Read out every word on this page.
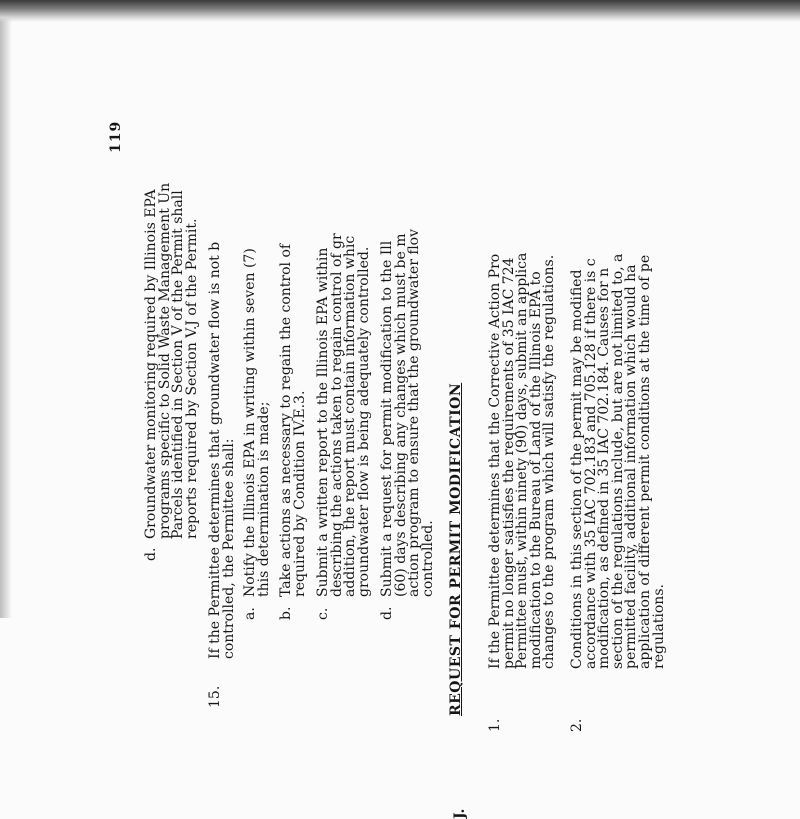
119
d.

Groundwater monitoring required by Illinois EPA

programs specific to Solid Waste Management Un

Parcels identified in Section V of the Permit shall

reports required by Section V.J of the Permit.

15.

If the Permittee determines that groundwater flow is not b

controlled, the Permittee shall: a.

Notify the Illinois EPA in writing within seven (7)

this determination is made;

b.

Take actions as necessary to regain the control of

required by Condition IV.E.3.

c.

Submit a written report to the Illinois EPA within

describing the actions taken to regain control of gr

addition, the report must contain information whic

groundwater flow is being adequately controlled.

d.

Submit a request for permit modification to the Ill

(60) days describing any changes which must be m

action program to ensure that the groundwater flov

controlled.

J.
REQUEST FOR PERMIT MODIFICATION
1.

If the Permittee determines that the Corrective Action Pro

permit no longer satisfies the requirements of 35 IAC 724

Permittee must, within ninety (90) days, submit an applica

modification to the Bureau of Land of the Illinois EPA to

changes to the program which will satisfy the regulations.

2.

Conditions in this section of the permit may be modified

accordance with 35 IAC 702.183 and 705.128 if there is c

modification, as defined in 35 IAC 702.184. Causes for n

section of the regulations include, but are not limited to, a

permitted facility, additional information which would ha

application of different permit conditions at the time of pe

regulations.
